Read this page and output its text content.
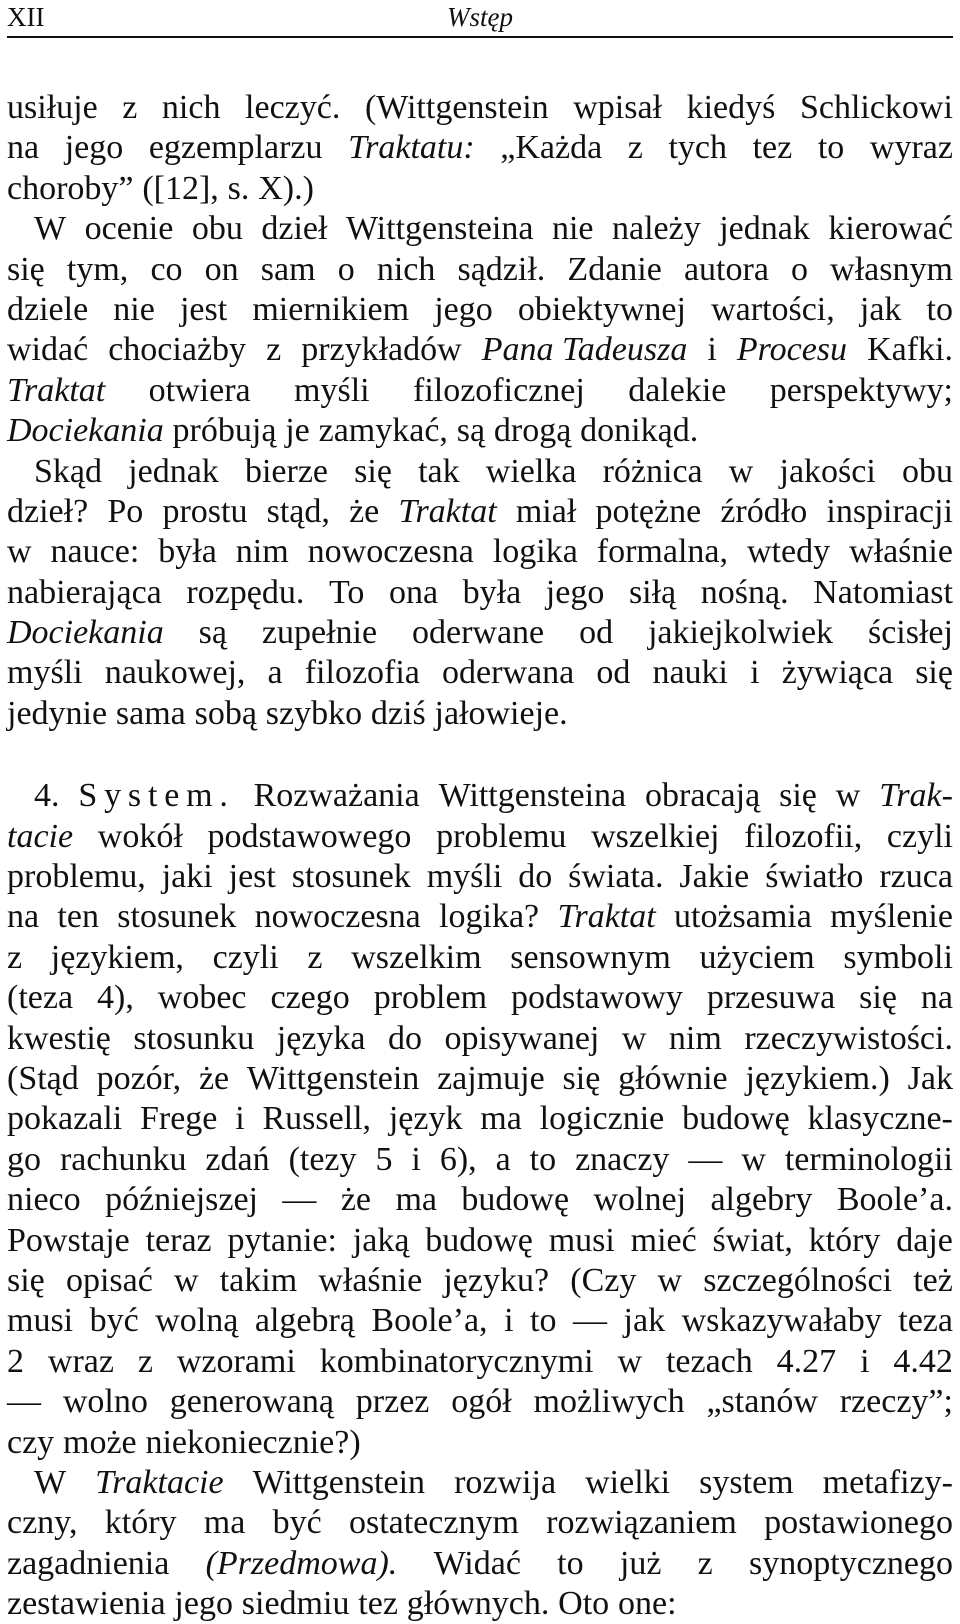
XII	Wstęp
usiłuje z nich leczyć. (Wittgenstein wpisał kiedyś Schlickowi
na jego egzemplarzu Traktatu: „Każda z tych tez to wyraz
choroby” ([12], s. X).)
W ocenie obu dzieł Wittgensteina nie należy jednak kierować
się tym, co on sam o nich sądził. Zdanie autora o własnym
dziele nie jest miernikiem jego obiektywnej wartości, jak to
widać chociażby z przykładów Pana Tadeusza i Procesu Kafki.
Traktat otwiera myśli filozoficznej dalekie perspektywy;
Dociekania próbują je zamykać, są drogą donikąd.
Skąd jednak bierze się tak wielka różnica w jakości obu
dzieł? Po prostu stąd, że Traktat miał potężne źródło inspiracji
w nauce: była nim nowoczesna logika formalna, wtedy właśnie
nabierająca rozpędu. To ona była jego siłą nośną. Natomiast
Dociekania są zupełnie oderwane od jakiejkolwiek ścisłej
myśli naukowej, a filozofia oderwana od nauki i żywiąca się
jedynie sama sobą szybko dziś jałowieje.
4. System. Rozważania Wittgensteina obracają się w Trak-
tacie wokół podstawowego problemu wszelkiej filozofii, czyli
problemu, jaki jest stosunek myśli do świata. Jakie światło rzuca
na ten stosunek nowoczesna logika? Traktat utożsamia myślenie
z językiem, czyli z wszelkim sensownym użyciem symboli
(teza 4), wobec czego problem podstawowy przesuwa się na
kwestię stosunku języka do opisywanej w nim rzeczywistości.
(Stąd pozór, że Wittgenstein zajmuje się głównie językiem.) Jak
pokazali Frege i Russell, język ma logicznie budowę klasyczne-
go rachunku zdań (tezy 5 i 6), a to znaczy — w terminologii
nieco późniejszej — że ma budowę wolnej algebry Boole’a.
Powstaje teraz pytanie: jaką budowę musi mieć świat, który daje
się opisać w takim właśnie języku? (Czy w szczególności też
musi być wolną algebrą Boole’a, i to — jak wskazywałaby teza
2 wraz z wzorami kombinatorycznymi w tezach 4.27 i 4.42
— wolno generowaną przez ogół możliwych „stanów rzeczy”;
czy może niekoniecznie?)
W Traktacie Wittgenstein rozwija wielki system metafizy-
czny, który ma być ostatecznym rozwiązaniem postawionego
zagadnienia (Przedmowa). Widać to już z synoptycznego
zestawienia jego siedmiu tez głównych. Oto one:
